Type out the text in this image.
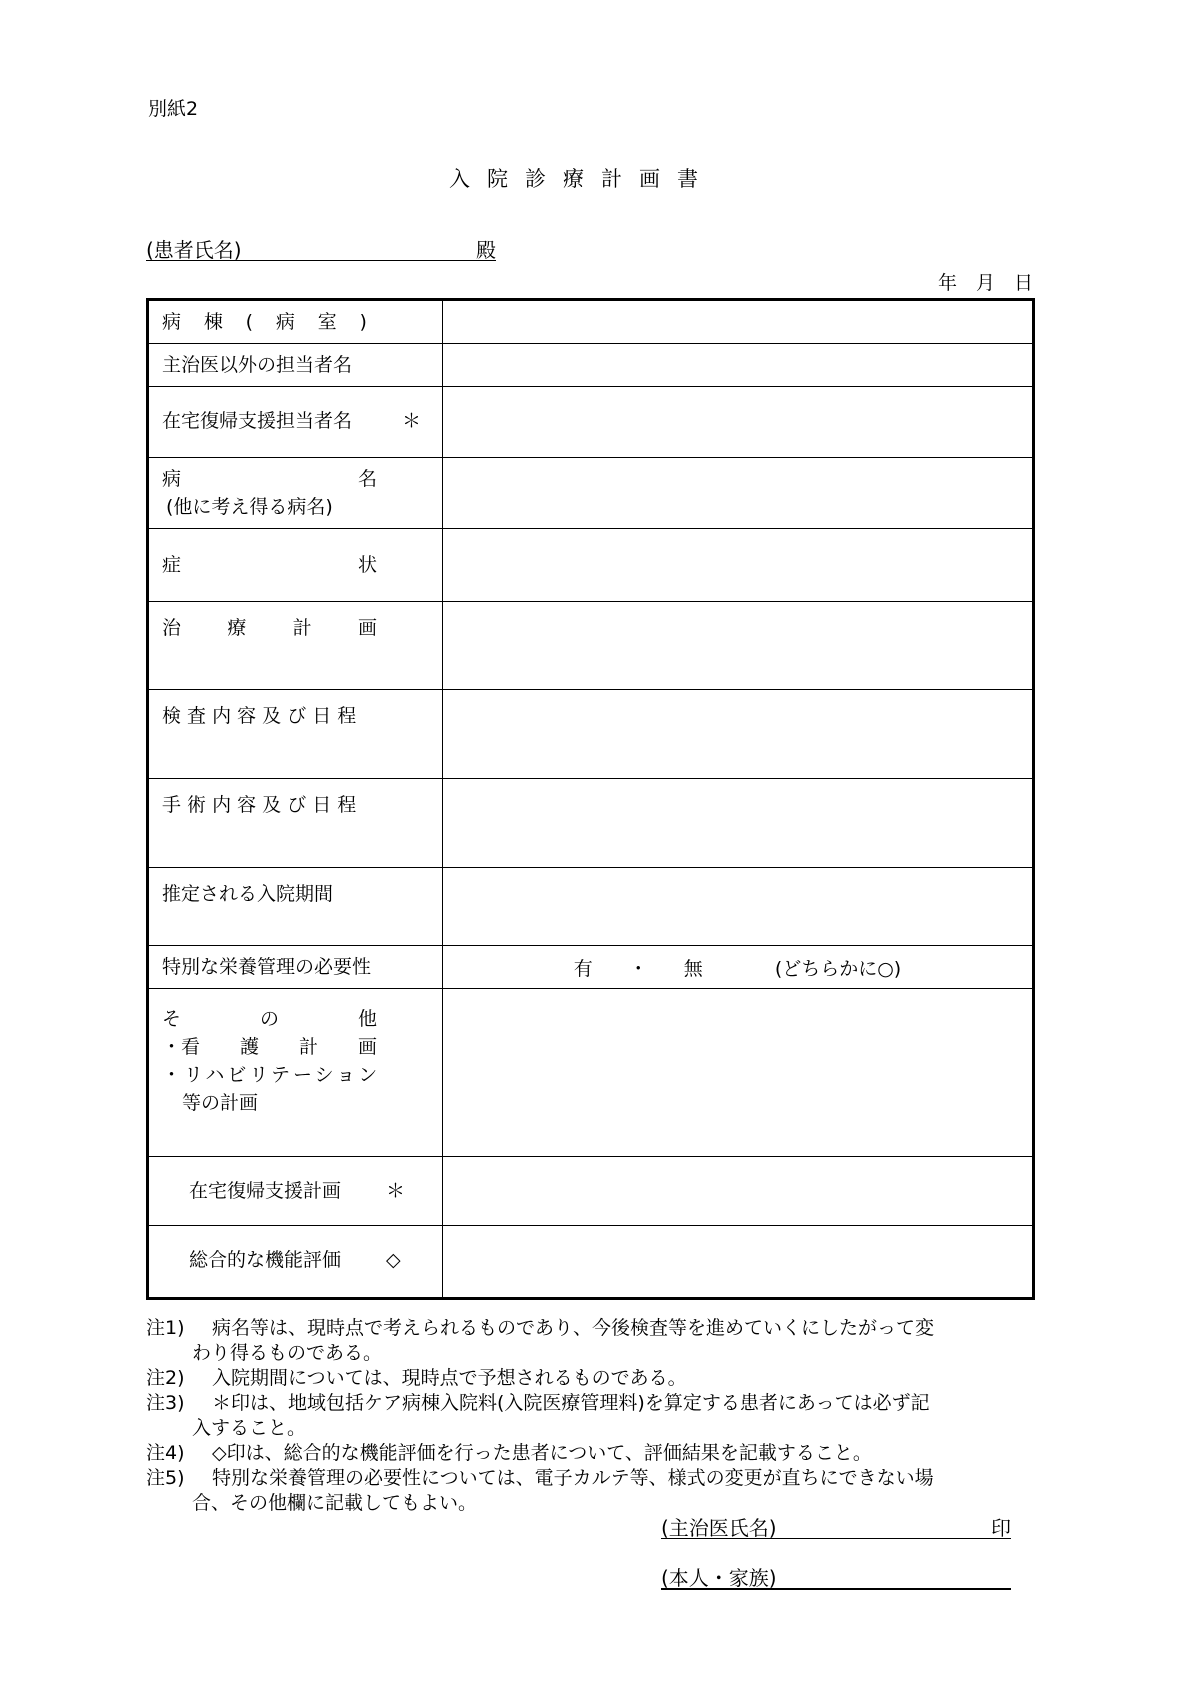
別紙2
入院診療計画書
(患者氏名)	殿
年　月　日
病 棟 ( 病 室 )
主治医以外の担当者名
在宅復帰支援担当者名	＊
病	名
(他に考え得る病名)
症	状
治 療 計 画
検 査 内 容 及 び 日 程
手 術 内 容 及 び 日 程
推定される入院期間
特別な栄養管理の必要性	有 ・ 無	(どちらかに○)
そ	の	他
・看 護 計 画
・リハビリテーション
等の計画
在宅復帰支援計画 ＊
総合的な機能評価 ◇
注1)	病名等は、現時点で考えられるものであり、今後検査等を進めていくにしたがって変
わり得るものである。
注2)	入院期間については、現時点で予想されるものである。
注3)	＊印は、地域包括ケア病棟入院料(入院医療管理料)を算定する患者にあっては必ず記
入すること。
注4)	◇印は、総合的な機能評価を行った患者について、評価結果を記載すること。
注5)	特別な栄養管理の必要性については、電子カルテ等、様式の変更が直ちにできない場
合、その他欄に記載してもよい。
(主治医氏名)	印
(本人・家族)
